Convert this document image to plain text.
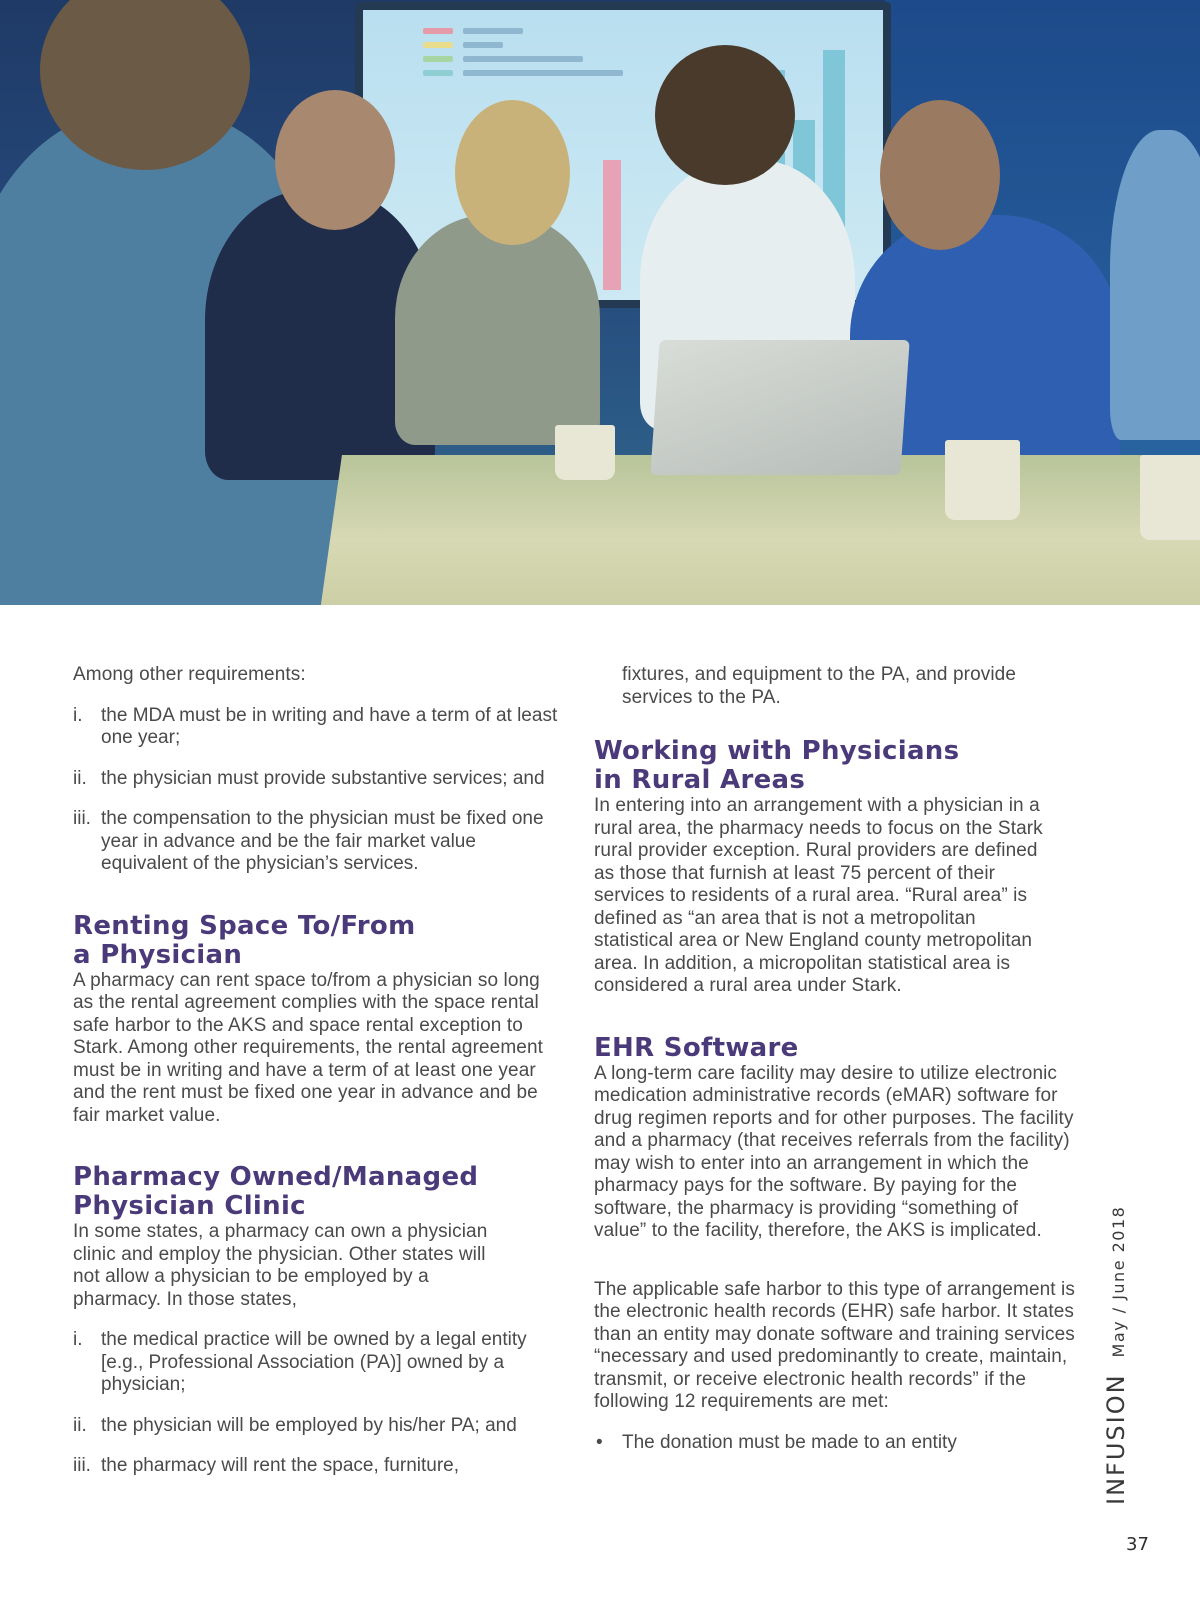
Among other requirements:

i. the MDA must be in writing and have a term of at least one year;

ii. the physician must provide substantive services; and

iii. the compensation to the physician must be fixed one year in advance and be the fair market value equivalent of the physician’s services.

Renting Space To/From a Physician

A pharmacy can rent space to/from a physician so long as the rental agreement complies with the space rental safe harbor to the AKS and space rental exception to Stark. Among other requirements, the rental agreement must be in writing and have a term of at least one year and the rent must be fixed one year in advance and be fair market value.

Pharmacy Owned/Managed Physician Clinic

In some states, a pharmacy can own a physician clinic and employ the physician. Other states will not allow a physician to be employed by a pharmacy. In those states,

i. the medical practice will be owned by a legal entity [e.g., Professional Association (PA)] owned by a physician;

ii. the physician will be employed by his/her PA; and

iii. the pharmacy will rent the space, furniture,

fixtures, and equipment to the PA, and provide services to the PA.

Working with Physicians in Rural Areas

In entering into an arrangement with a physician in a rural area, the pharmacy needs to focus on the Stark rural provider exception. Rural providers are defined as those that furnish at least 75 percent of their services to residents of a rural area. “Rural area” is defined as “an area that is not a metropolitan statistical area or New England county metropolitan area. In addition, a micropolitan statistical area is considered a rural area under Stark.

EHR Software

A long-term care facility may desire to utilize electronic medication administrative records (eMAR) software for drug regimen reports and for other purposes. The facility and a pharmacy (that receives referrals from the facility) may wish to enter into an arrangement in which the pharmacy pays for the software. By paying for the software, the pharmacy is providing “something of value” to the facility, therefore, the AKS is implicated.

The applicable safe harbor to this type of arrangement is the electronic health records (EHR) safe harbor. It states than an entity may donate software and training services “necessary and used predominantly to create, maintain, transmit, or receive electronic health records” if the following 12 requirements are met:

• The donation must be made to an entity	INFUSION
May / June 2018
37
